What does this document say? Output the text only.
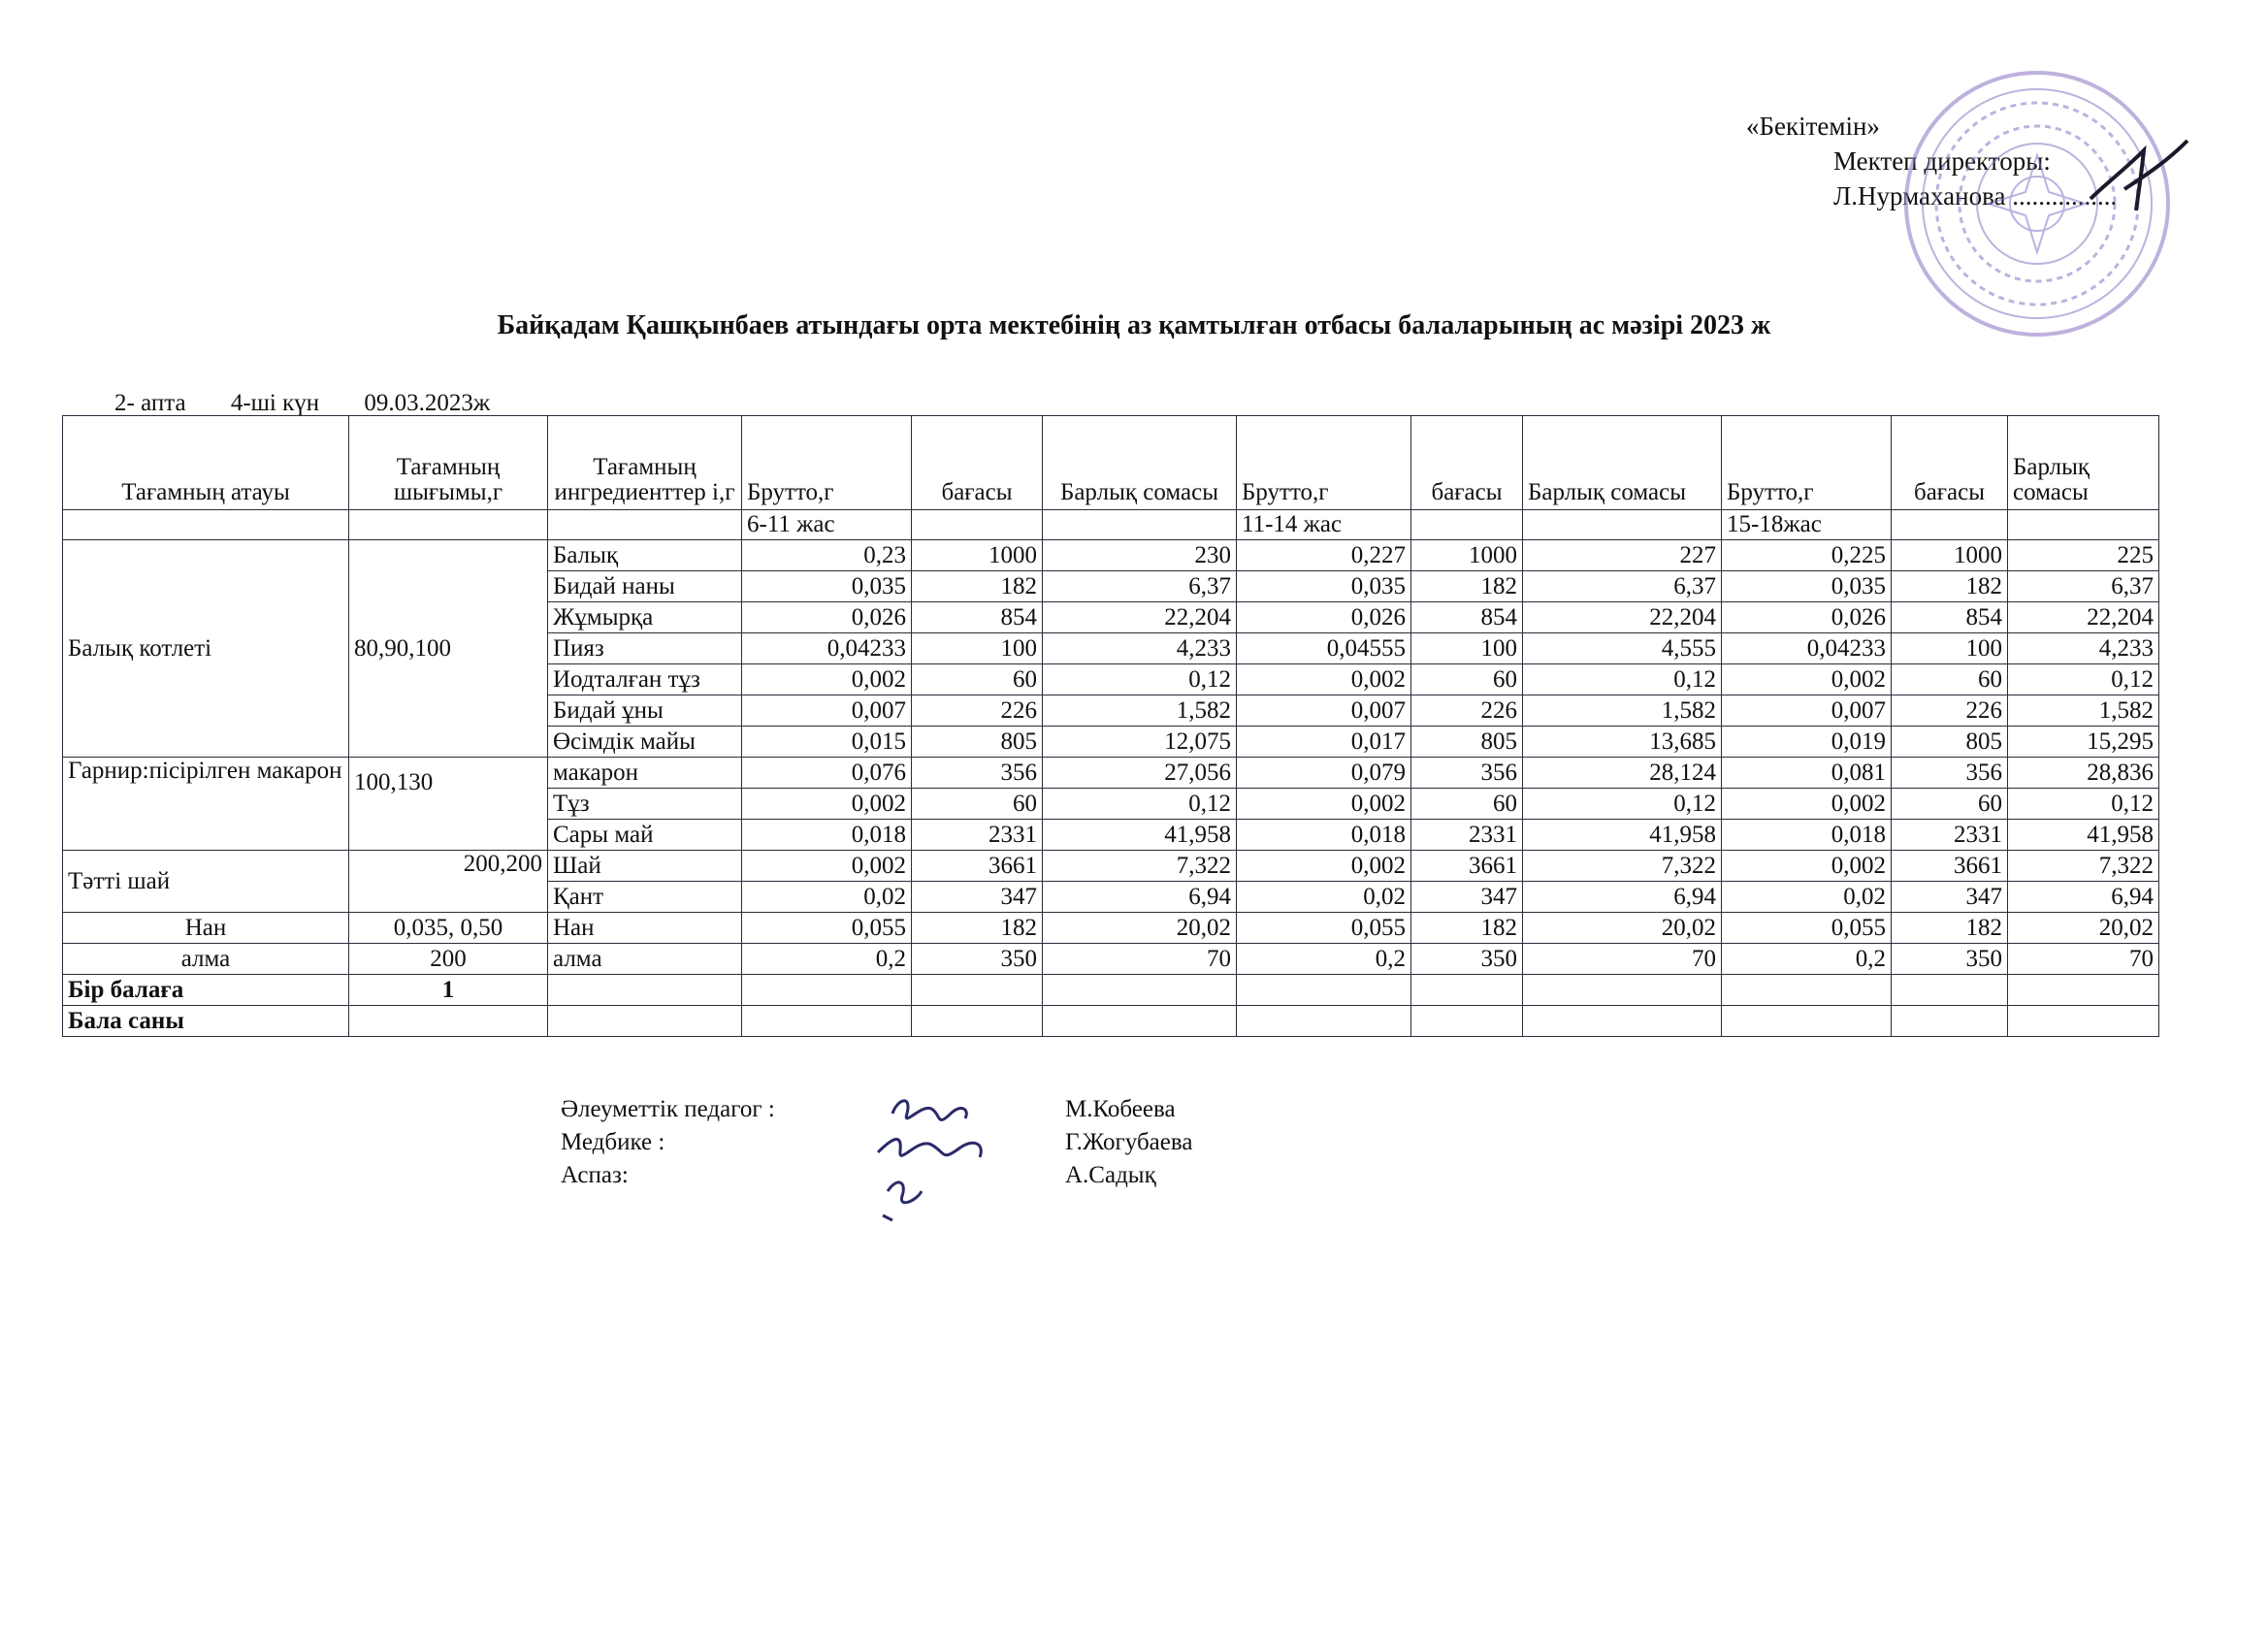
«Бекітемін»
Мектеп директоры:
Л.Нурмаханова ................
Байқадам Қашқынбаев атындағы орта мектебінің аз қамтылған отбасы балаларының ас мәзірі 2023 ж
2- апта 4-ші күн 09.03.2023ж
Тағамның атауы	Тағамның шығымы,г	Тағамның ингредиенттер і,г	Брутто,г	бағасы	Барлық сомасы	Брутто,г	бағасы	Барлық сомасы	Брутто,г	бағасы	Барлық сомасы
			6-11 жас			11-14 жас			15-18жас		
Балық котлеті	80,90,100	Балық	0,23	1000	230	0,227	1000	227	0,225	1000	225
		Бидай наны	0,035	182	6,37	0,035	182	6,37	0,035	182	6,37
		Жұмырқа	0,026	854	22,204	0,026	854	22,204	0,026	854	22,204
		Пияз	0,04233	100	4,233	0,04555	100	4,555	0,04233	100	4,233
		Иодталған тұз	0,002	60	0,12	0,002	60	0,12	0,002	60	0,12
		Бидай ұны	0,007	226	1,582	0,007	226	1,582	0,007	226	1,582
		Өсімдік майы	0,015	805	12,075	0,017	805	13,685	0,019	805	15,295
Гарнир:пісірілген макарон	100,130	макарон	0,076	356	27,056	0,079	356	28,124	0,081	356	28,836
		Тұз	0,002	60	0,12	0,002	60	0,12	0,002	60	0,12
		Сары май	0,018	2331	41,958	0,018	2331	41,958	0,018	2331	41,958
Тәтті шай	200,200	Шай	0,002	3661	7,322	0,002	3661	7,322	0,002	3661	7,322
		Қант	0,02	347	6,94	0,02	347	6,94	0,02	347	6,94
Нан	0,035, 0,50	Нан	0,055	182	20,02	0,055	182	20,02	0,055	182	20,02
алма	200	алма	0,2	350	70	0,2	350	70	0,2	350	70
Бір балаға	1										
Бала саны											
Әлеуметтік педагог :	М.Кобеева
Медбике :	Г.Жогубаева
Аспаз:	А.Садық
